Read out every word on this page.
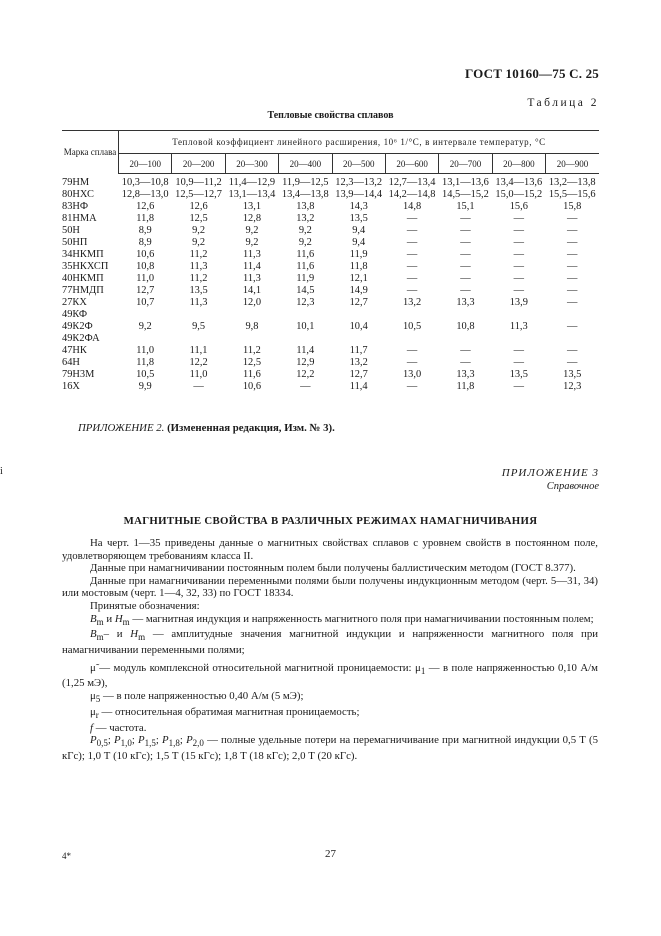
ГОСТ 10160—75 С. 25
Таблица 2
Тепловые свойства сплавов
Марка сплава	Тепловой коэффициент линейного расширения, 10⁶ 1/°С, в интервале температур, °С								
	20—100	20—200	20—300	20—400	20—500	20—600	20—700	20—800	20—900
79НМ	10,3—10,8	10,9—11,2	11,4—12,9	11,9—12,5	12,3—13,2	12,7—13,4	13,1—13,6	13,4—13,6	13,2—13,8
80НХС	12,8—13,0	12,5—12,7	13,1—13,4	13,4—13,8	13,9—14,4	14,2—14,8	14,5—15,2	15,0—15,2	15,5—15,6
83НФ	12,6	12,6	13,1	13,8	14,3	14,8	15,1	15,6	15,8
81НМА	11,8	12,5	12,8	13,2	13,5	—	—	—	—
50Н	8,9	9,2	9,2	9,2	9,4	—	—	—	—
50НП	8,9	9,2	9,2	9,2	9,4	—	—	—	—
34НКМП	10,6	11,2	11,3	11,6	11,9	—	—	—	—
35НКХСП	10,8	11,3	11,4	11,6	11,8	—	—	—	—
40НКМП	11,0	11,2	11,3	11,9	12,1	—	—	—	—
77НМДП	12,7	13,5	14,1	14,5	14,9	—	—	—	—
27КХ	10,7	11,3	12,0	12,3	12,7	13,2	13,3	13,9	—
49КФ									
49К2Ф	9,2	9,5	9,8	10,1	10,4	10,5	10,8	11,3	—
49К2ФА									
47НК	11,0	11,1	11,2	11,4	11,7	—	—	—	—
64Н	11,8	12,2	12,5	12,9	13,2	—	—	—	—
79Н3М	10,5	11,0	11,6	12,2	12,7	13,0	13,3	13,5	13,5
16Х	9,9	—	10,6	—	11,4	—	11,8	—	12,3
ПРИЛОЖЕНИЕ 2. (Измененная редакция, Изм. № 3).
i	ПРИЛОЖЕНИЕ 3
Справочное
МАГНИТНЫЕ СВОЙСТВА В РАЗЛИЧНЫХ РЕЖИМАХ НАМАГНИЧИВАНИЯ

На черт. 1—35 приведены данные о магнитных свойствах сплавов с уровнем свойств в постоянном поле, удовлетворяющем требованиям класса II.

Данные при намагничивании постоянным полем были получены баллистическим методом (ГОСТ 8.377).

Данные при намагничивании переменными полями были получены индукционным методом (черт. 5—31, 34) или мостовым (черт. 1—4, 32, 33) по ГОСТ 18334.

Принятые обозначения:

$B_m$ и $H_m$ — магнитная индукция и напряженность магнитного поля при намагничивании постоянным полем;

$B_m-$ и $H_m$ — амплитудные значения магнитной индукции и напряженности магнитного поля при намагничивании переменными полями;

μ̃ — модуль комплексной относительной магнитной проницаемости: $\mu_1$ — в поле напряженностью 0,10 А/м (1,25 мЭ),

$\mu_5$ — в поле напряженностью 0,40 А/м (5 мЭ);

$\mu_r$ — относительная обратимая магнитная проницаемость;

f — частота.

$P_{0,5}$; $P_{1,0}$; $P_{1,5}$; $P_{1,8}$; $P_{2,0}$ — полные удельные потери на перемагничивание при магнитной индукции 0,5 Т (5 кГс); 1,0 Т (10 кГс); 1,5 Т (15 кГс); 1,8 Т (18 кГс); 2,0 Т (20 кГс).

4*	27
